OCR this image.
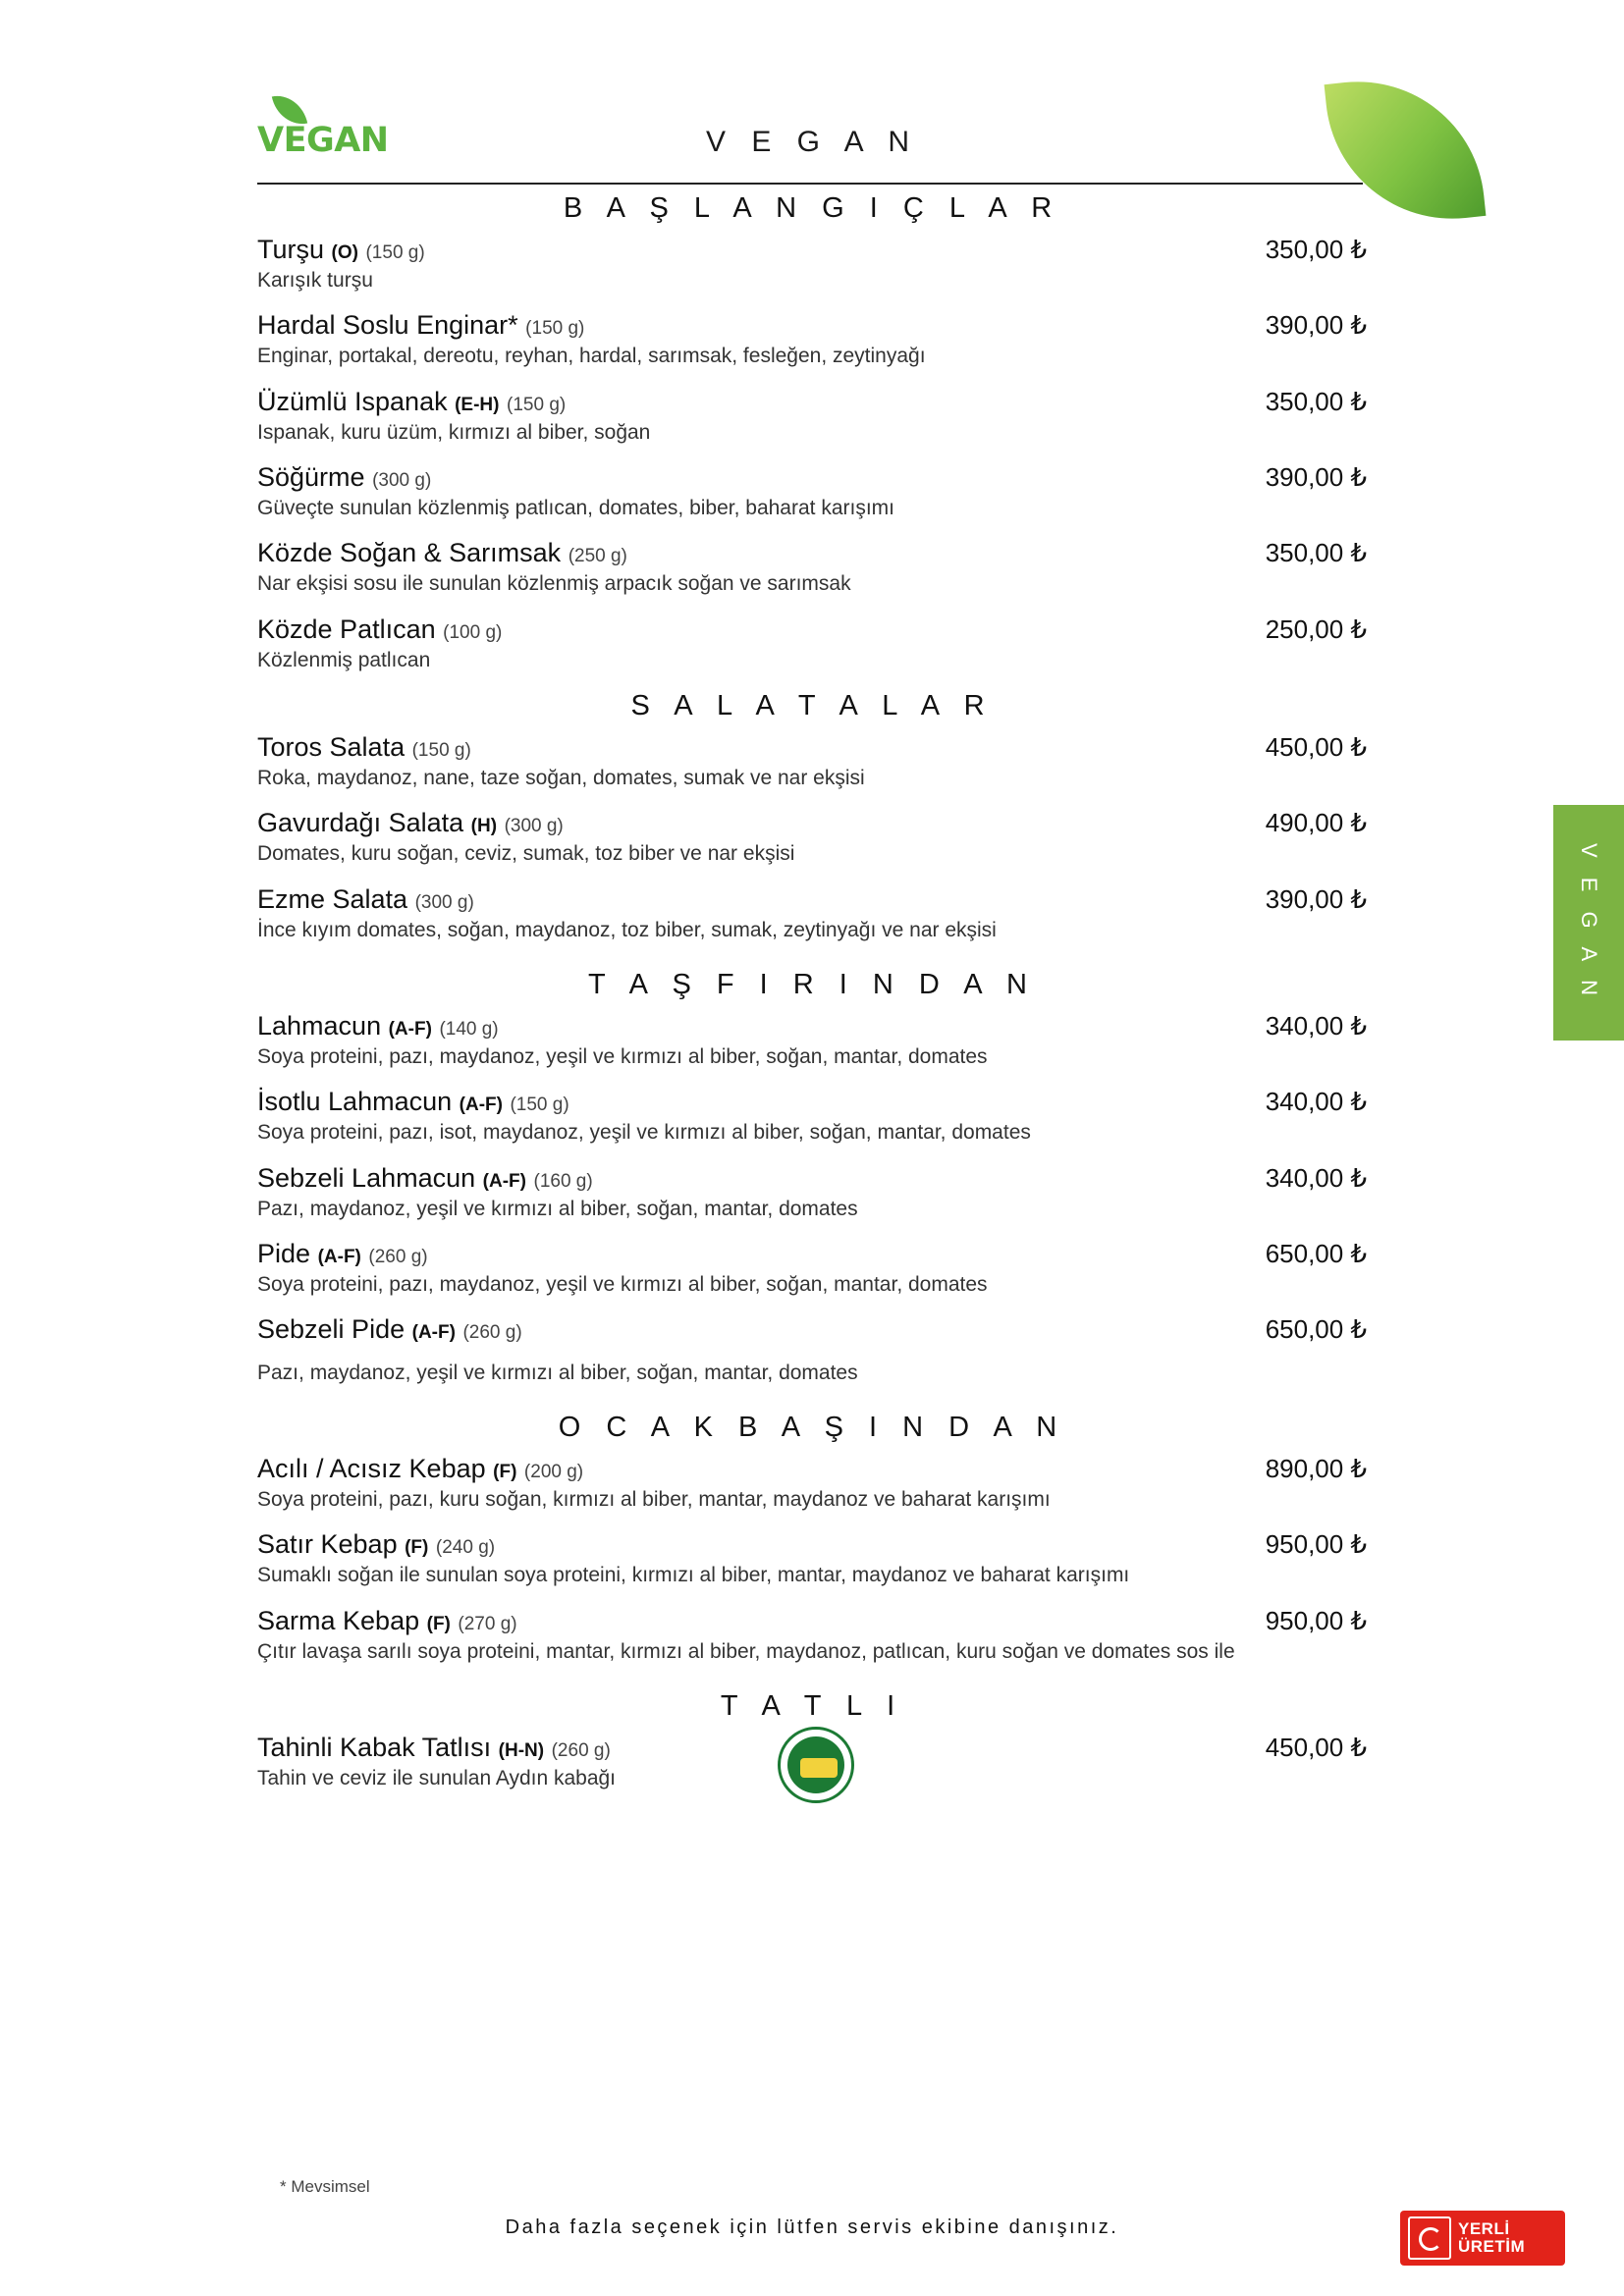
VEGAN	V E G A N
V E G A N
B A Ş L A N G I Ç L A R
Turşu (O) (150 g)	350,00 ₺
Karışık turşu
Hardal Soslu Enginar* (150 g)	390,00 ₺
Enginar, portakal, dereotu, reyhan, hardal, sarımsak, fesleğen, zeytinyağı
Üzümlü Ispanak (E-H) (150 g)	350,00 ₺
Ispanak, kuru üzüm, kırmızı al biber, soğan
Söğürme (300 g)	390,00 ₺
Güveçte sunulan közlenmiş patlıcan, domates, biber, baharat karışımı
Közde Soğan & Sarımsak (250 g)	350,00 ₺
Nar ekşisi sosu ile sunulan közlenmiş arpacık soğan ve sarımsak
Közde Patlıcan (100 g)	250,00 ₺
Közlenmiş patlıcan
S A L A T A L A R
Toros Salata (150 g)	450,00 ₺
Roka, maydanoz, nane, taze soğan, domates, sumak ve nar ekşisi
Gavurdağı Salata (H) (300 g)	490,00 ₺
Domates, kuru soğan, ceviz, sumak, toz biber ve nar ekşisi
Ezme Salata (300 g)	390,00 ₺
İnce kıyım domates, soğan, maydanoz, toz biber, sumak, zeytinyağı ve nar ekşisi
T A Ş F I R I N D A N
Lahmacun (A-F) (140 g)	340,00 ₺
Soya proteini, pazı, maydanoz, yeşil ve kırmızı al biber, soğan, mantar, domates
İsotlu Lahmacun (A-F) (150 g)	340,00 ₺
Soya proteini, pazı, isot, maydanoz, yeşil ve kırmızı al biber, soğan, mantar, domates
Sebzeli Lahmacun (A-F) (160 g)	340,00 ₺
Pazı, maydanoz, yeşil ve kırmızı al biber, soğan, mantar, domates
Pide (A-F) (260 g)	650,00 ₺
Soya proteini, pazı, maydanoz, yeşil ve kırmızı al biber, soğan, mantar, domates
Sebzeli Pide (A-F) (260 g)	650,00 ₺
Pazı, maydanoz, yeşil ve kırmızı al biber, soğan, mantar, domates
O C A K B A Ş I N D A N
Acılı / Acısız Kebap (F) (200 g)	890,00 ₺
Soya proteini, pazı, kuru soğan, kırmızı al biber, mantar, maydanoz ve baharat karışımı
Satır Kebap (F) (240 g)	950,00 ₺
Sumaklı soğan ile sunulan soya proteini, kırmızı al biber, mantar, maydanoz ve baharat karışımı
Sarma Kebap (F) (270 g)	950,00 ₺
Çıtır lavaşa sarılı soya proteini, mantar, kırmızı al biber, maydanoz, patlıcan, kuru soğan ve domates sos ile
T A T L I
Tahinli Kabak Tatlısı (H-N) (260 g)	450,00 ₺
Tahin ve ceviz ile sunulan Aydın kabağı
* Mevsimsel
Daha fazla seçenek için lütfen servis ekibine danışınız.	YERLİ
ÜRETİM
